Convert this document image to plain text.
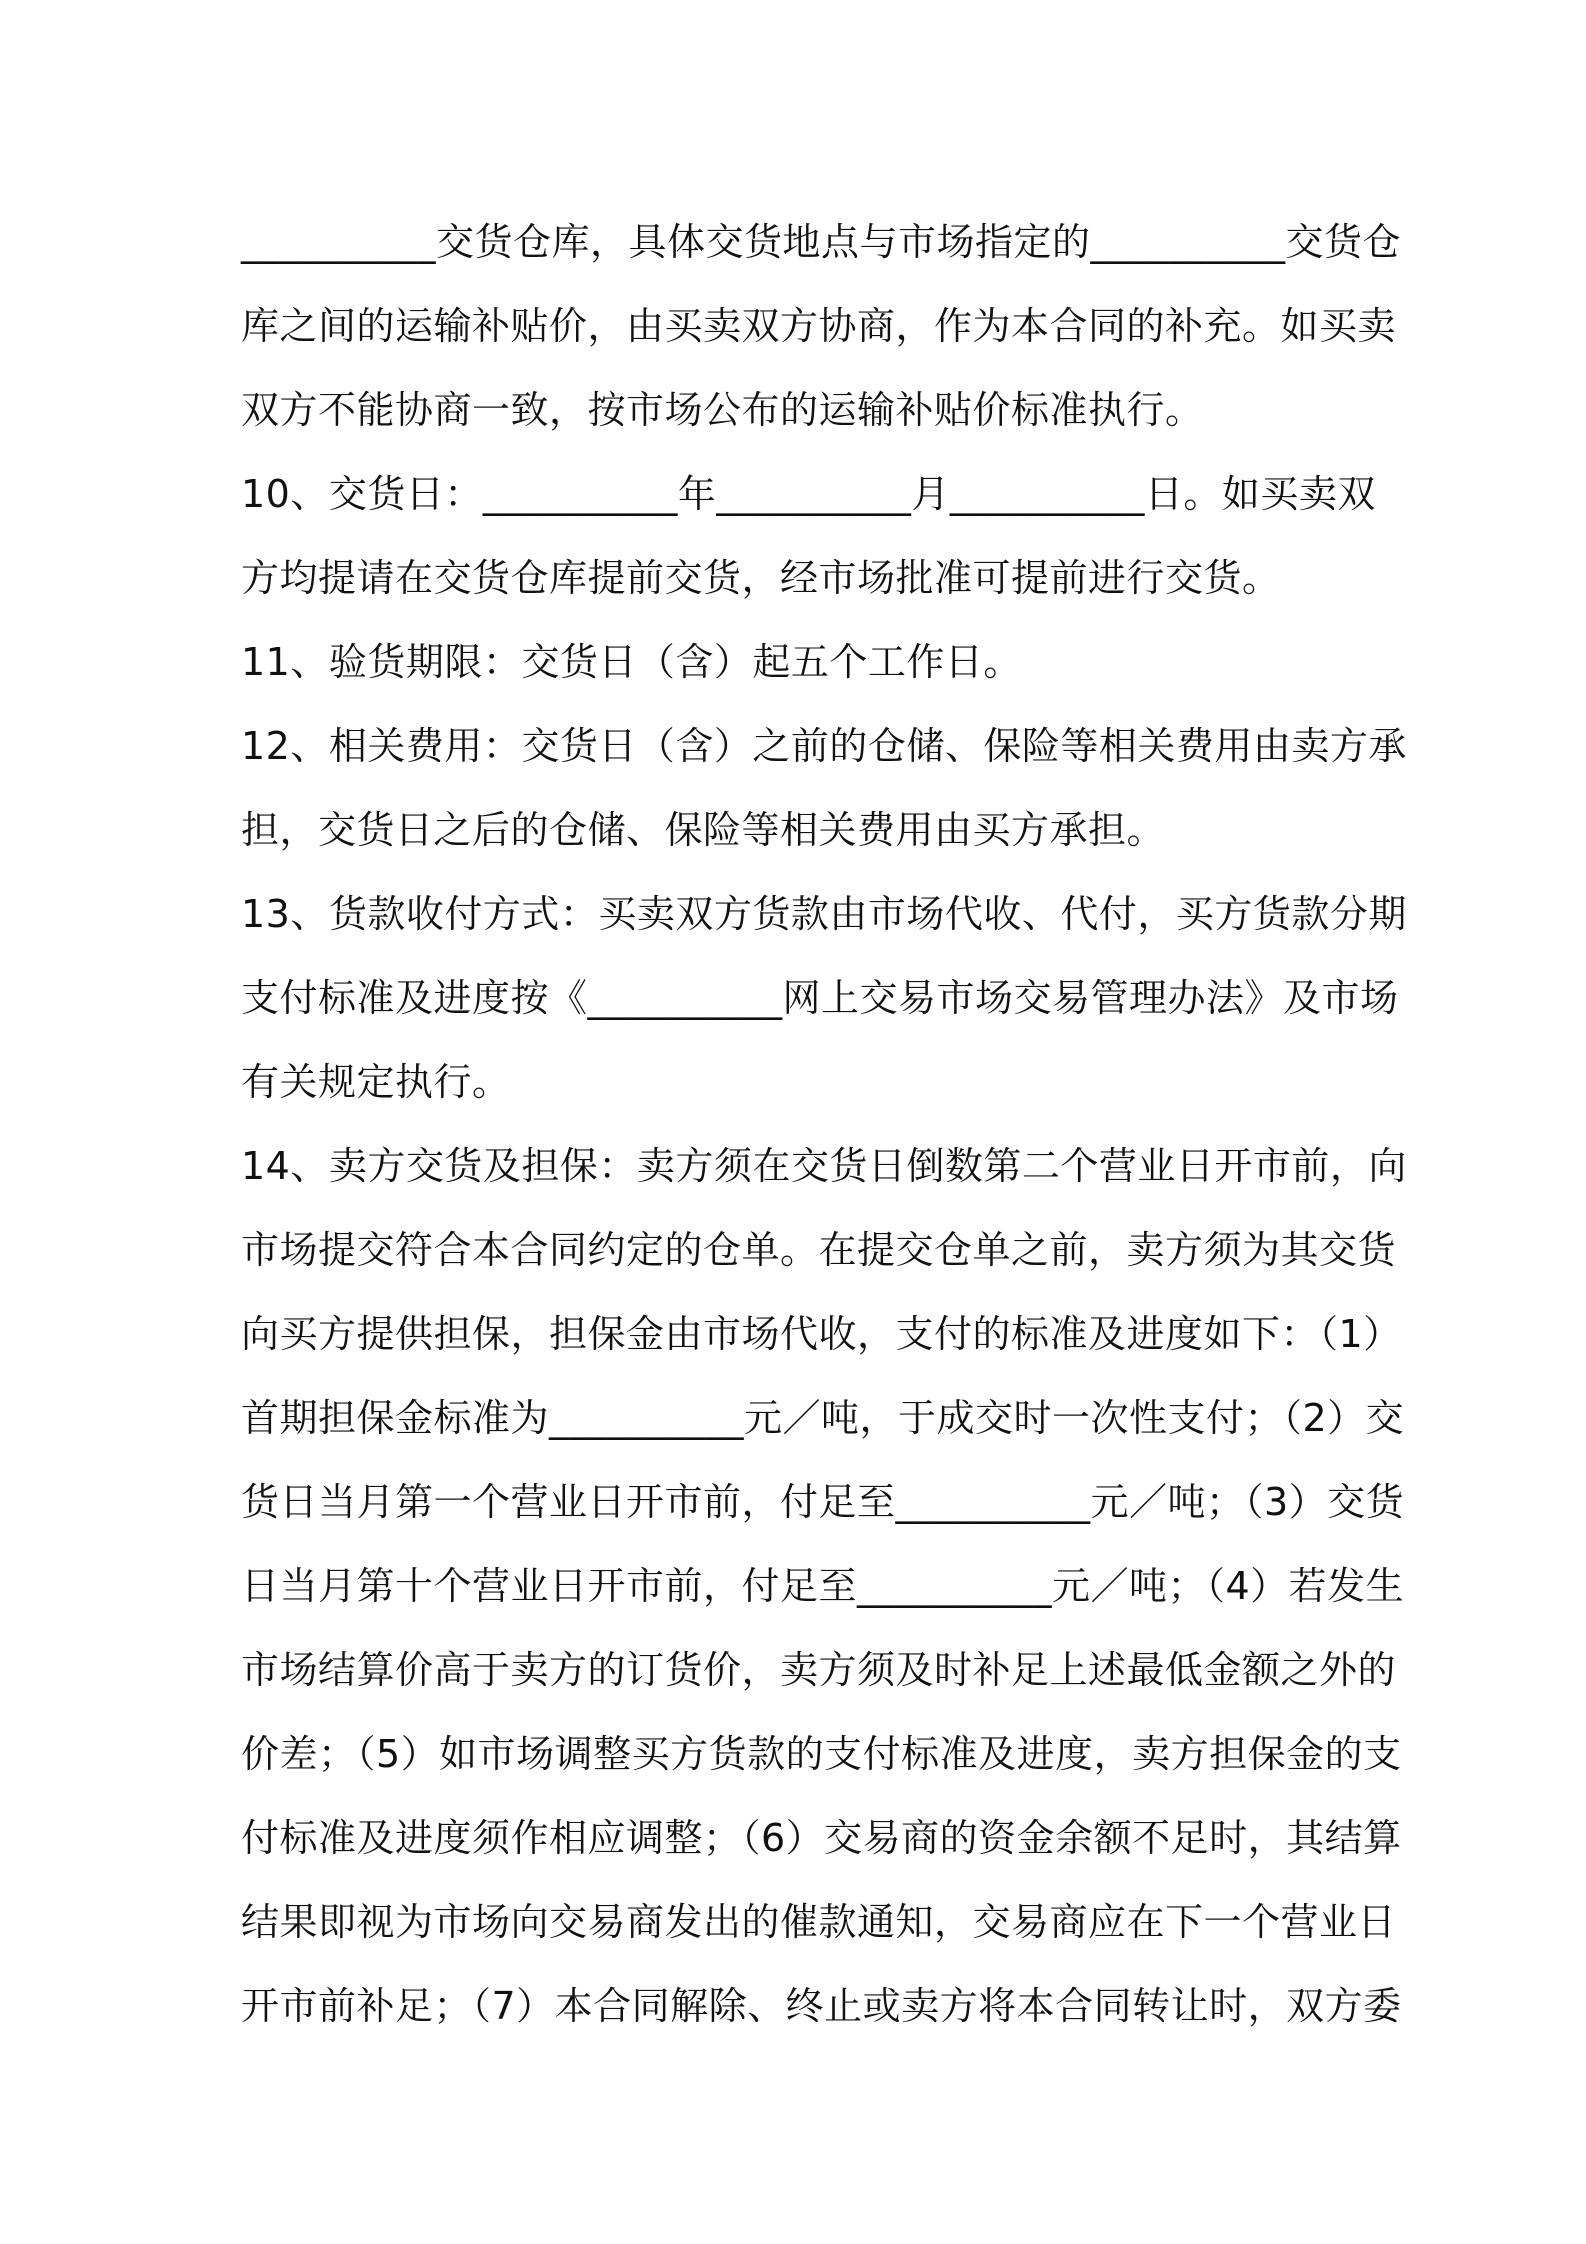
__________交货仓库，具体交货地点与市场指定的__________交货仓
库之间的运输补贴价，由买卖双方协商，作为本合同的补充。如买卖
双方不能协商一致，按市场公布的运输补贴价标准执行。
10、交货日：__________年__________月__________日。如买卖双
方均提请在交货仓库提前交货，经市场批准可提前进行交货。
11、验货期限：交货日（含）起五个工作日。
12、相关费用：交货日（含）之前的仓储、保险等相关费用由卖方承
担，交货日之后的仓储、保险等相关费用由买方承担。
13、货款收付方式：买卖双方货款由市场代收、代付，买方货款分期
支付标准及进度按《__________网上交易市场交易管理办法》及市场
有关规定执行。
14、卖方交货及担保：卖方须在交货日倒数第二个营业日开市前，向
市场提交符合本合同约定的仓单。在提交仓单之前，卖方须为其交货
向买方提供担保，担保金由市场代收，支付的标准及进度如下：（1）
首期担保金标准为__________元／吨，于成交时一次性支付；（2）交
货日当月第一个营业日开市前，付足至__________元／吨；（3）交货
日当月第十个营业日开市前，付足至__________元／吨；（4）若发生
市场结算价高于卖方的订货价，卖方须及时补足上述最低金额之外的
价差；（5）如市场调整买方货款的支付标准及进度，卖方担保金的支
付标准及进度须作相应调整；（6）交易商的资金余额不足时，其结算
结果即视为市场向交易商发出的催款通知，交易商应在下一个营业日
开市前补足；（7）本合同解除、终止或卖方将本合同转让时，双方委
